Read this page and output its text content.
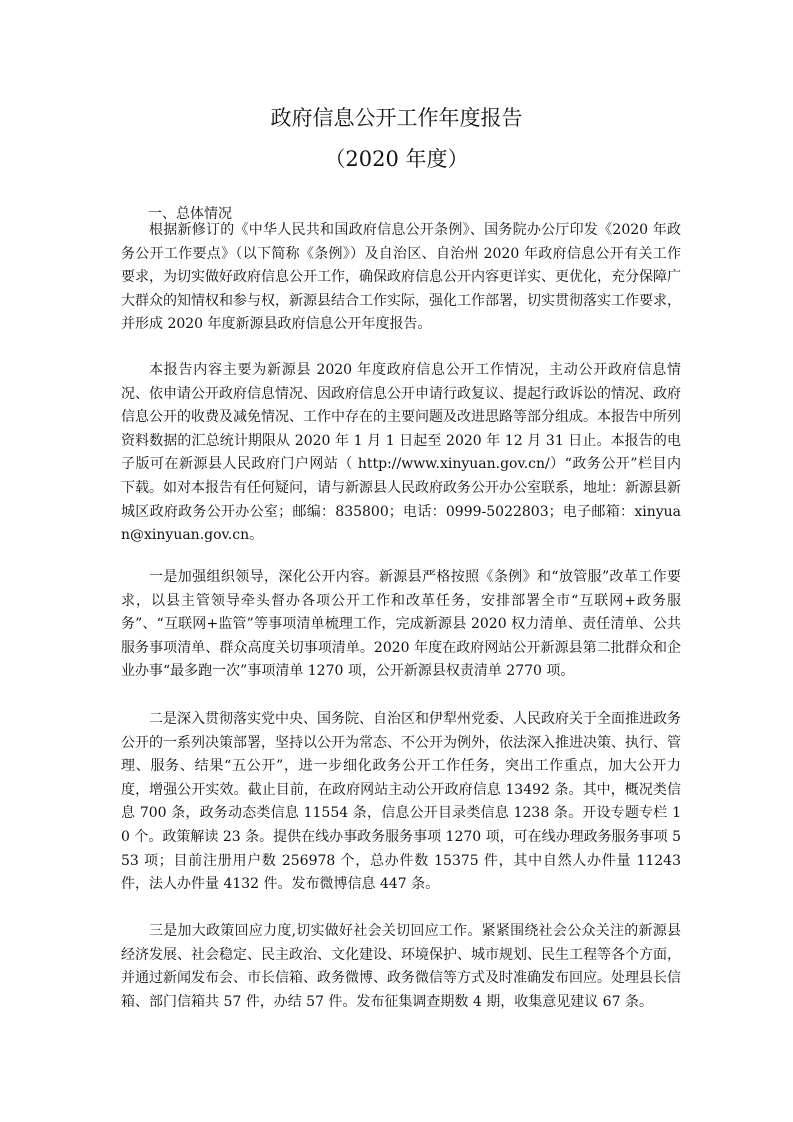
政府信息公开工作年度报告
（2020 年度）
一、总体情况

根据新修订的《中华人民共和国政府信息公开条例》、国务院办公厅印发《2020 年政务公开工作要点》（以下简称《条例》）及自治区、自治州 2020 年政府信息公开有关工作要求，为切实做好政府信息公开工作，确保政府信息公开内容更详实、更优化，充分保障广大群众的知情权和参与权，新源县结合工作实际，强化工作部署，切实贯彻落实工作要求，并形成 2020 年度新源县政府信息公开年度报告。

本报告内容主要为新源县 2020 年度政府信息公开工作情况，主动公开政府信息情况、依申请公开政府信息情况、因政府信息公开申请行政复议、提起行政诉讼的情况、政府信息公开的收费及减免情况、工作中存在的主要问题及改进思路等部分组成。本报告中所列资料数据的汇总统计期限从 2020 年 1 月 1 日起至 2020 年 12 月 31 日止。本报告的电子版可在新源县人民政府门户网站（ http://www.xinyuan.gov.cn/）“政务公开”栏目内下载。如对本报告有任何疑问，请与新源县人民政府政务公开办公室联系，地址：新源县新城区政府政务公开办公室；邮编：835800；电话：0999-5022803；电子邮箱：xinyuan@xinyuan.gov.cn。

一是加强组织领导，深化公开内容。新源县严格按照《条例》和“放管服”改革工作要求，以县主管领导牵头督办各项公开工作和改革任务，安排部署全市“互联网+政务服务”、“互联网+监管”等事项清单梳理工作，完成新源县 2020 权力清单、责任清单、公共服务事项清单、群众高度关切事项清单。2020 年度在政府网站公开新源县第二批群众和企业办事“最多跑一次”事项清单 1270 项，公开新源县权责清单 2770 项。

二是深入贯彻落实党中央、国务院、自治区和伊犁州党委、人民政府关于全面推进政务公开的一系列决策部署，坚持以公开为常态、不公开为例外，依法深入推进决策、执行、管理、服务、结果“五公开”，进一步细化政务公开工作任务，突出工作重点，加大公开力度，增强公开实效。截止目前，在政府网站主动公开政府信息 13492 条。其中，概况类信息 700 条，政务动态类信息 11554 条，信息公开目录类信息 1238 条。开设专题专栏 10 个。政策解读 23 条。提供在线办事政务服务事项 1270 项，可在线办理政务服务事项 553 项；目前注册用户数 256978 个，总办件数 15375 件，其中自然人办件量 11243 件，法人办件量 4132 件。发布微博信息 447 条。

三是加大政策回应力度,切实做好社会关切回应工作。紧紧围绕社会公众关注的新源县经济发展、社会稳定、民主政治、文化建设、环境保护、城市规划、民生工程等各个方面，并通过新闻发布会、市长信箱、政务微博、政务微信等方式及时准确发布回应。处理县长信箱、部门信箱共 57 件，办结 57 件。发布征集调查期数 4 期，收集意见建议 67 条。
